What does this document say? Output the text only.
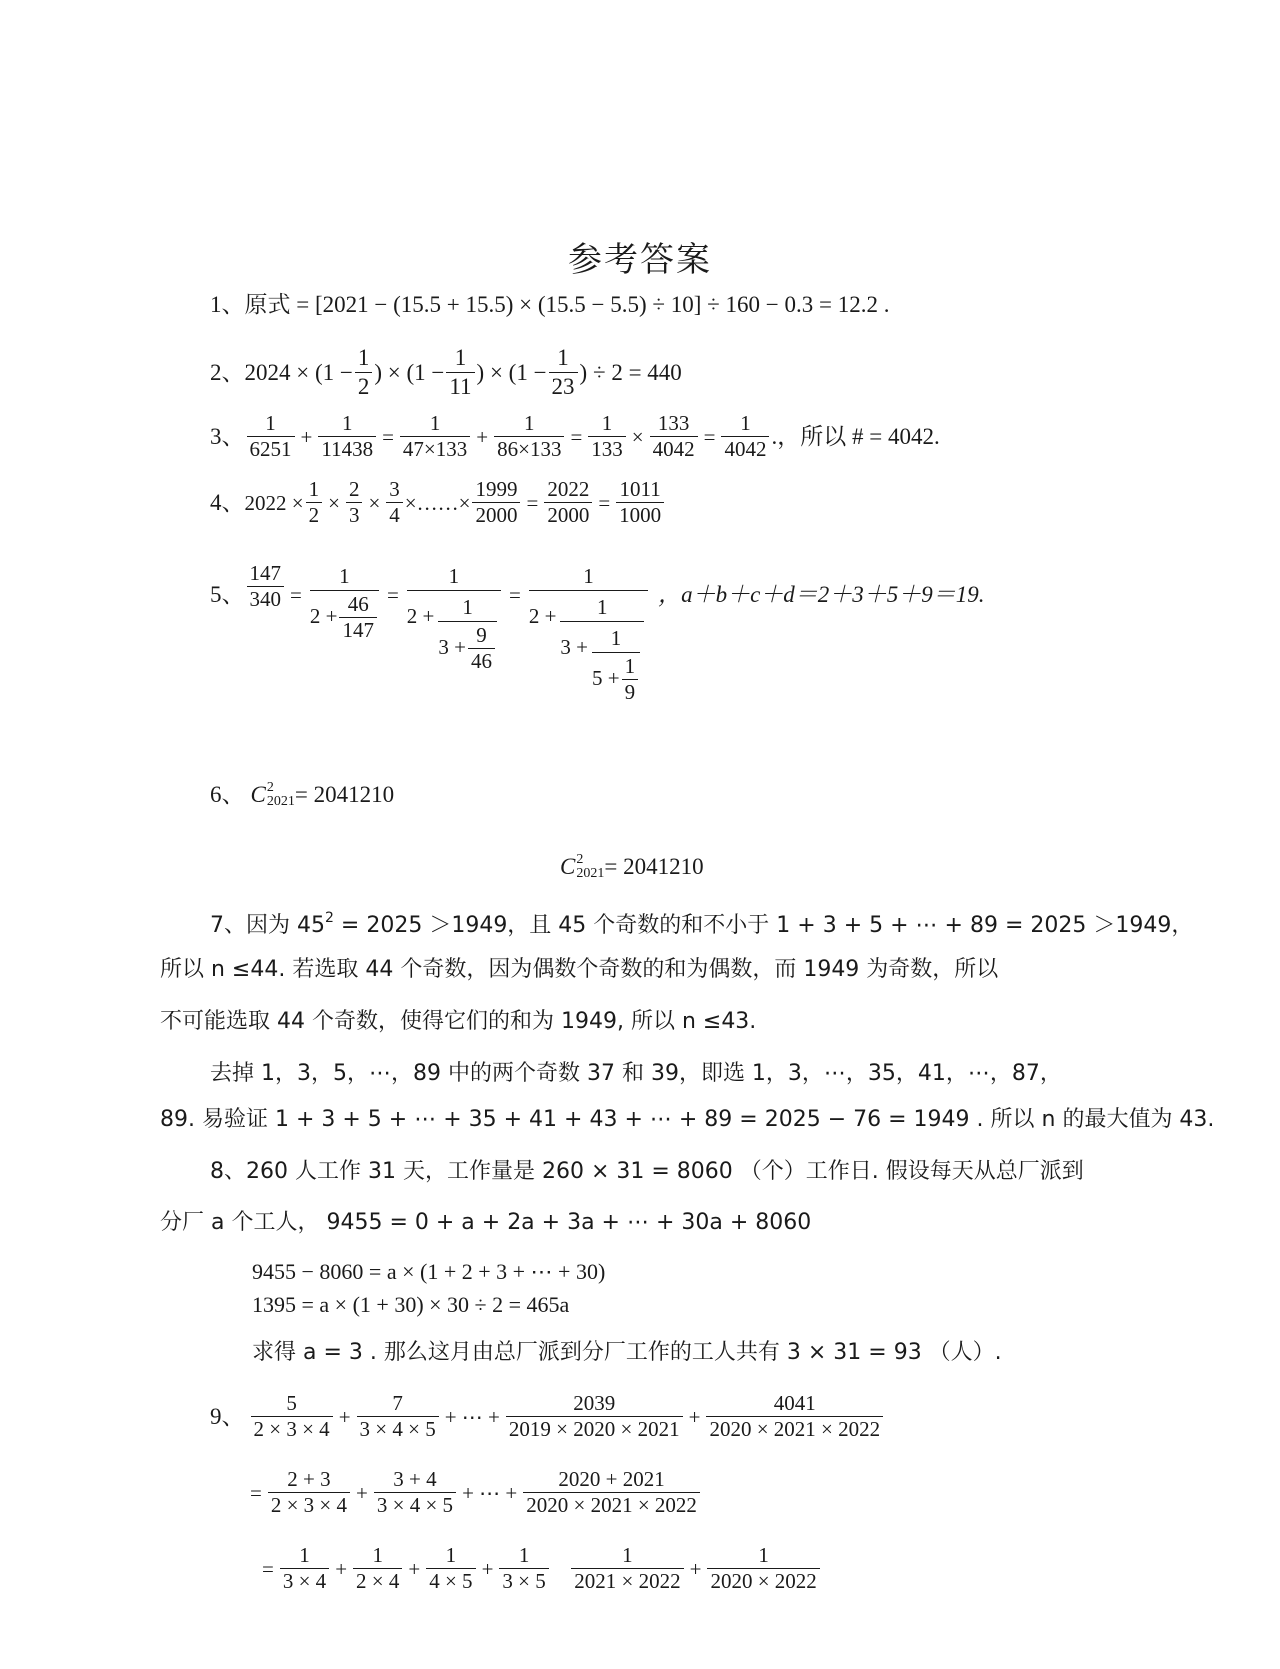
参考答案
1、 原式 = [2021 − (15.5 + 15.5) × (15.5 − 5.5) ÷ 10] ÷ 160 − 0.3 = 12.2 .
2、 $2024 \times (1 - \frac{1}{2}$ ) × ($1 - \frac{1}{11}$ ) × ($1 - \frac{1}{23}$ ) ÷ 2 = 440
3、 $\frac{1}{6251} + \frac{1}{11438} = \frac{1}{47\times 133} + \frac{1}{86\times 133} = \frac{1}{133} \times \frac{133}{4042} = \frac{1}{4042}$ .，所以 # = 4042.
4、 $2022 \times \frac{1}{2} \times \frac{2}{3} \times \frac{3}{4}$ ×……× $\frac{1999}{2000} = \frac{2022}{2000} = \frac{1011}{1000}$
5、 $\frac{147}{340} = \frac{1}{2 + \frac{46}{147}}$ =
1
$2 + \frac{1}{3 + \frac{9}{46}}$ =
1
2 + 1
$3 + \frac{1}{5 + \frac{1}{9}}$
，a＋b＋c＋d＝2＋3＋5＋9＝19.
6、 C 2
2021 = 2041210
C 2
2021 = 2041210
7、因为 $45^2 = 2025 >1949$，且 45 个奇数的和不小于 1 + 3 + 5 + ⋯ + 89 = 2025 ＞1949，
所以 n ≤44. 若选取 44 个奇数，因为偶数个奇数的和为偶数，而 1949 为奇数，所以
不可能选取 44 个奇数，使得它们的和为 1949, 所以 n ≤43.
去掉 1，3，5，⋯，89 中的两个奇数 37 和 39，即选 1，3，⋯，35，41，⋯，87，
89. 易验证 1 + 3 + 5 + ⋯ + 35 + 41 + 43 + ⋯ + 89 = 2025 − 76 = 1949 . 所以 n 的最大值为 43.
8、260 人工作 31 天，工作量是 260 × 31 = 8060 （个）工作日. 假设每天从总厂派到
分厂 a 个工人， 9455 = 0 + a + 2a + 3a + ⋯ + 30a + 8060
9455 − 8060 = a × (1 + 2 + 3 + ⋯ + 30)
1395 = a × (1 + 30) × 30 ÷ 2 = 465a
求得 a = 3 . 那么这月由总厂派到分厂工作的工人共有 3 × 31 = 93 （人）.
9、 $\frac{5}{2 \times 3 \times 4} + \frac{7}{3 \times 4 \times 5}$ + ⋯ + $\frac{2039}{2019 \times 2020 \times 2021} + \frac{4041}{2020 \times 2021 \times 2022}$
= $\frac{2 + 3}{2 \times 3 \times 4} + \frac{3 + 4}{3 \times 4 \times 5}$ + ⋯ + $\frac{2020 + 2021}{2020 \times 2021 \times 2022}$
= $\frac{1}{3 \times 4} + \frac{1}{2 \times 4} + \frac{1}{4 \times 5} + \frac{1}{3 \times 5}$
$\frac{1}{2021 \times 2022} + \frac{1}{2020 \times 2022}$
